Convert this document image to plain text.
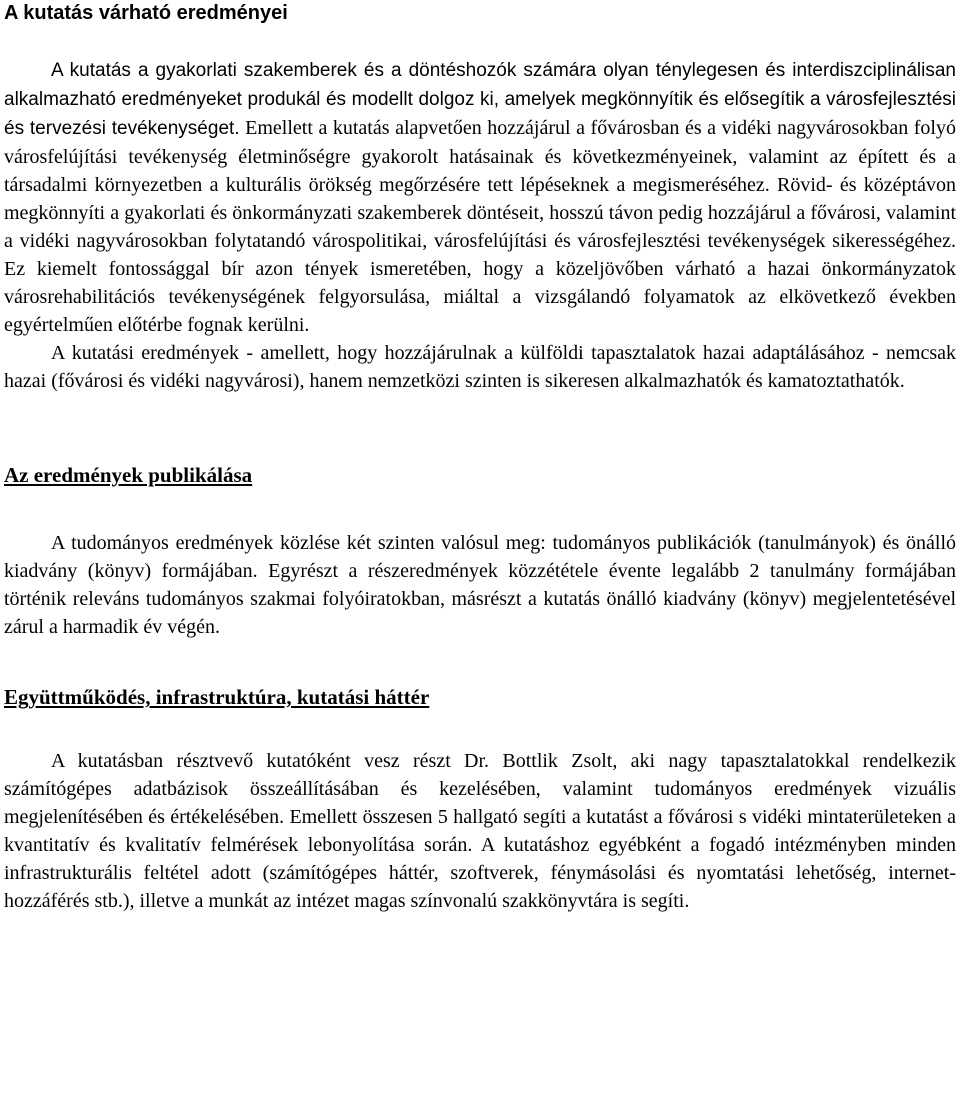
A kutatás várható eredményei

A kutatás a gyakorlati szakemberek és a döntéshozók számára olyan ténylegesen és interdiszciplinálisan alkalmazható eredményeket produkál és modellt dolgoz ki, amelyek megkönnyítik és elősegítik a városfejlesztési és tervezési tevékenységet. Emellett a kutatás alapvetően hozzájárul a fővárosban és a vidéki nagyvárosokban folyó városfelújítási tevékenység életminőségre gyakorolt hatásainak és következményeinek, valamint az épített és a társadalmi környezetben a kulturális örökség megőrzésére tett lépéseknek a megismeréséhez. Rövid- és középtávon megkönnyíti a gyakorlati és önkormányzati szakemberek döntéseit, hosszú távon pedig hozzájárul a fővárosi, valamint a vidéki nagyvárosokban folytatandó várospolitikai, városfelújítási és városfejlesztési tevékenységek sikerességéhez. Ez kiemelt fontossággal bír azon tények ismeretében, hogy a közeljövőben várható a hazai önkormányzatok városrehabilitációs tevékenységének felgyorsulása, miáltal a vizsgálandó folyamatok az elkövetkező években egyértelműen előtérbe fognak kerülni.

A kutatási eredmények - amellett, hogy hozzájárulnak a külföldi tapasztalatok hazai adaptálásához - nemcsak hazai (fővárosi és vidéki nagyvárosi), hanem nemzetközi szinten is sikeresen alkalmazhatók és kamatoztathatók.

Az eredmények publikálása

A tudományos eredmények közlése két szinten valósul meg: tudományos publikációk (tanulmányok) és önálló kiadvány (könyv) formájában. Egyrészt a részeredmények közzététele évente legalább 2 tanulmány formájában történik releváns tudományos szakmai folyóiratokban, másrészt a kutatás önálló kiadvány (könyv) megjelentetésével zárul a harmadik év végén.

Együttműködés, infrastruktúra, kutatási háttér

A kutatásban résztvevő kutatóként vesz részt Dr. Bottlik Zsolt, aki nagy tapasztalatokkal rendelkezik számítógépes adatbázisok összeállításában és kezelésében, valamint tudományos eredmények vizuális megjelenítésében és értékelésében. Emellett összesen 5 hallgató segíti a kutatást a fővárosi s vidéki mintaterületeken a kvantitatív és kvalitatív felmérések lebonyolítása során. A kutatáshoz egyébként a fogadó intézményben minden infrastrukturális feltétel adott (számítógépes háttér, szoftverek, fénymásolási és nyomtatási lehetőség, internet-hozzáférés stb.), illetve a munkát az intézet magas színvonalú szakkönyvtára is segíti.
